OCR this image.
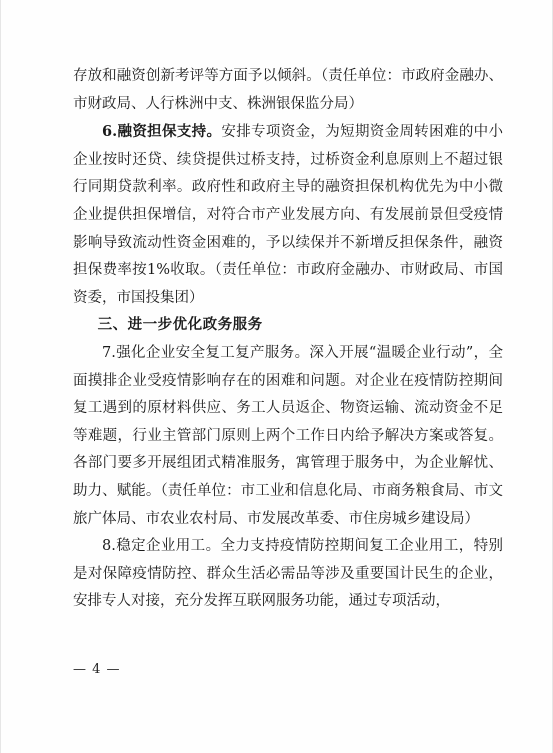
存放和融资创新考评等方面予以倾斜。（责任单位：市政府金融办、市财政局、人行株洲中支、株洲银保监分局）

6.融资担保支持。安排专项资金，为短期资金周转困难的中小企业按时还贷、续贷提供过桥支持，过桥资金利息原则上不超过银行同期贷款利率。政府性和政府主导的融资担保机构优先为中小微企业提供担保增信，对符合市产业发展方向、有发展前景但受疫情影响导致流动性资金困难的，予以续保并不新增反担保条件，融资担保费率按1%收取。（责任单位：市政府金融办、市财政局、市国资委，市国投集团）

三、进一步优化政务服务

7.强化企业安全复工复产服务。深入开展“温暖企业行动”，全面摸排企业受疫情影响存在的困难和问题。对企业在疫情防控期间复工遇到的原材料供应、务工人员返企、物资运输、流动资金不足等难题，行业主管部门原则上两个工作日内给予解决方案或答复。各部门要多开展组团式精准服务，寓管理于服务中，为企业解忧、助力、赋能。（责任单位：市工业和信息化局、市商务粮食局、市文旅广体局、市农业农村局、市发展改革委、市住房城乡建设局）

8.稳定企业用工。全力支持疫情防控期间复工企业用工，特别是对保障疫情防控、群众生活必需品等涉及重要国计民生的企业，安排专人对接，充分发挥互联网服务功能，通过专项活动，

— 4 —
